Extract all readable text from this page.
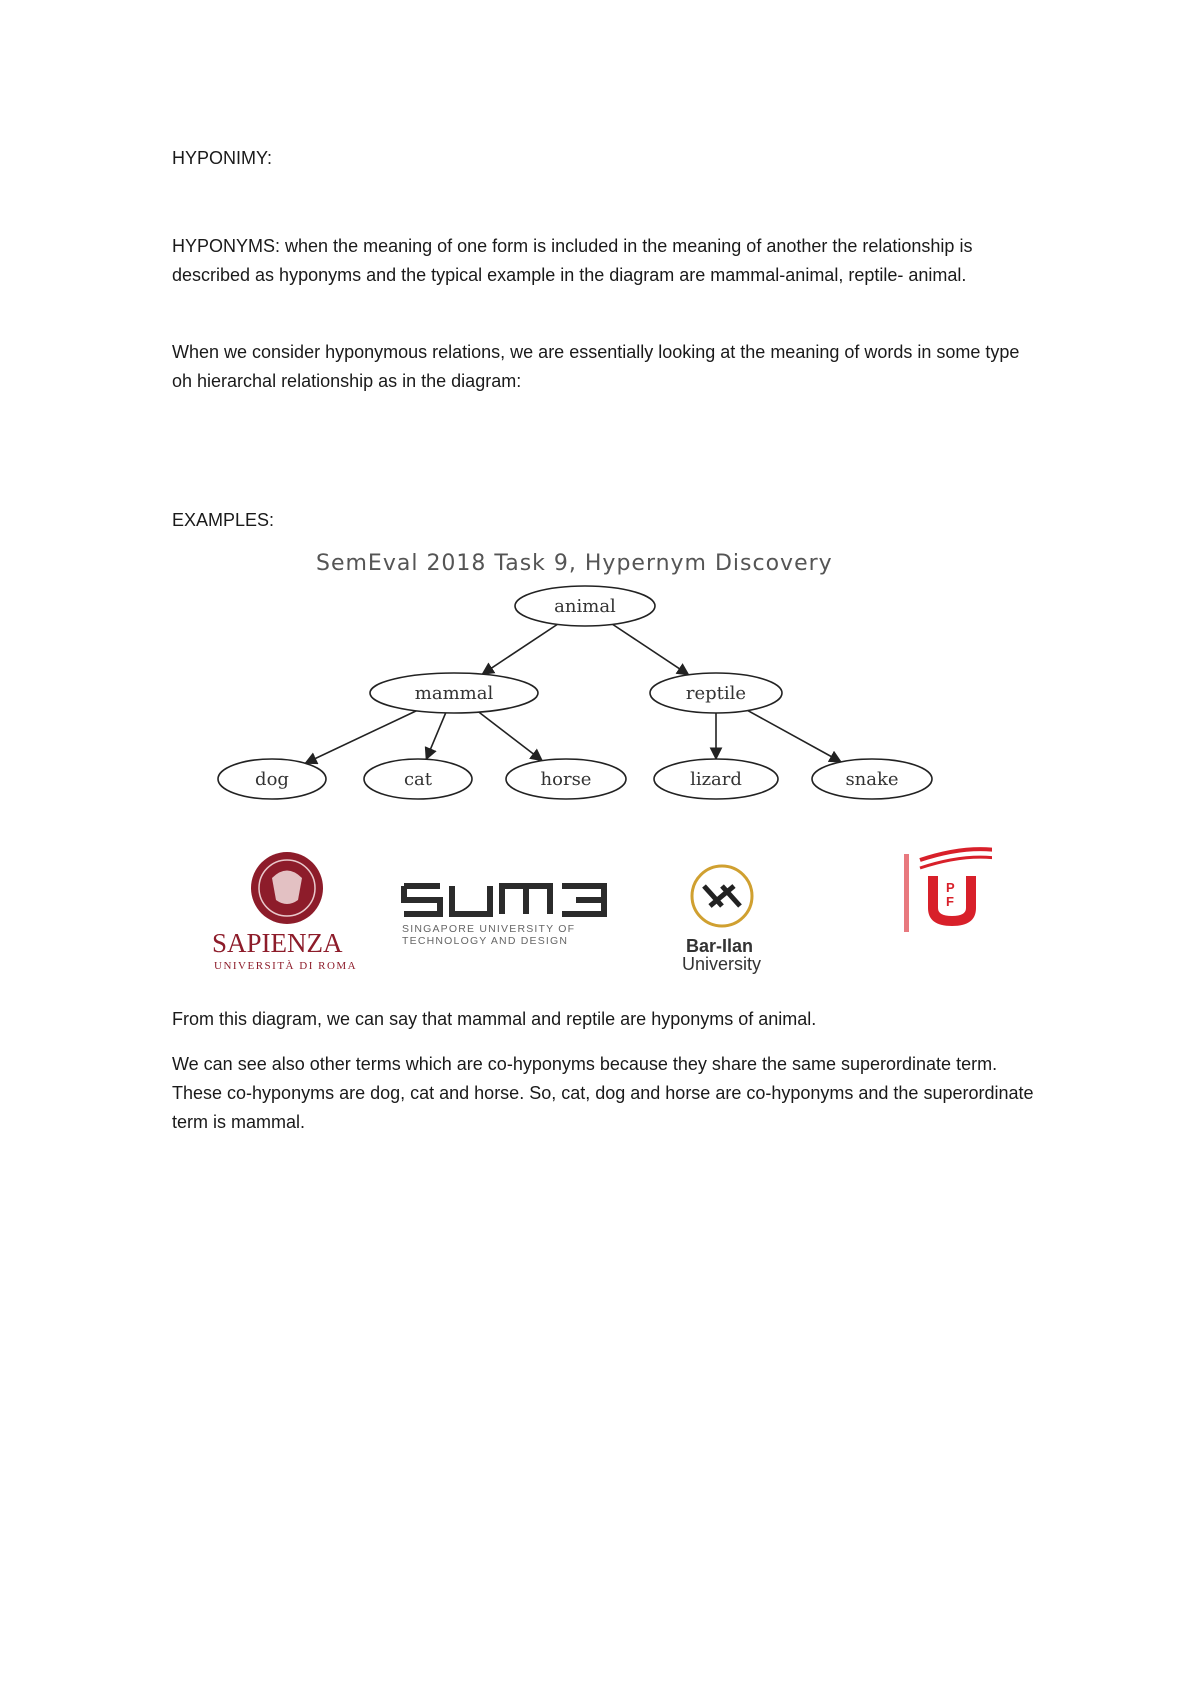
HYPONIMY:

HYPONYMS: when the meaning of one form is included in the meaning of another the relationship is described as hyponyms and the typical example in the diagram are mammal-animal, reptile- animal.

When we consider hyponymous relations, we are essentially looking at the meaning of words in some type oh hierarchal relationship as in the diagram:

EXAMPLES:

SemEval 2018 Task 9, Hypernym Discovery
animal
mammal	reptile
dog	cat	horse	lizard	snake
SAPIENZA
UNIVERSITÀ DI ROMA
SINGAPORE UNIVERSITY OF
TECHNOLOGY AND DESIGN	Bar-Ilan
University
P
F

From this diagram, we can say that mammal and reptile are hyponyms of animal.

We can see also other terms which are co-hyponyms because they share the same superordinate term. These co-hyponyms are dog, cat and horse. So, cat, dog and horse are co-hyponyms and the superordinate term is mammal.
